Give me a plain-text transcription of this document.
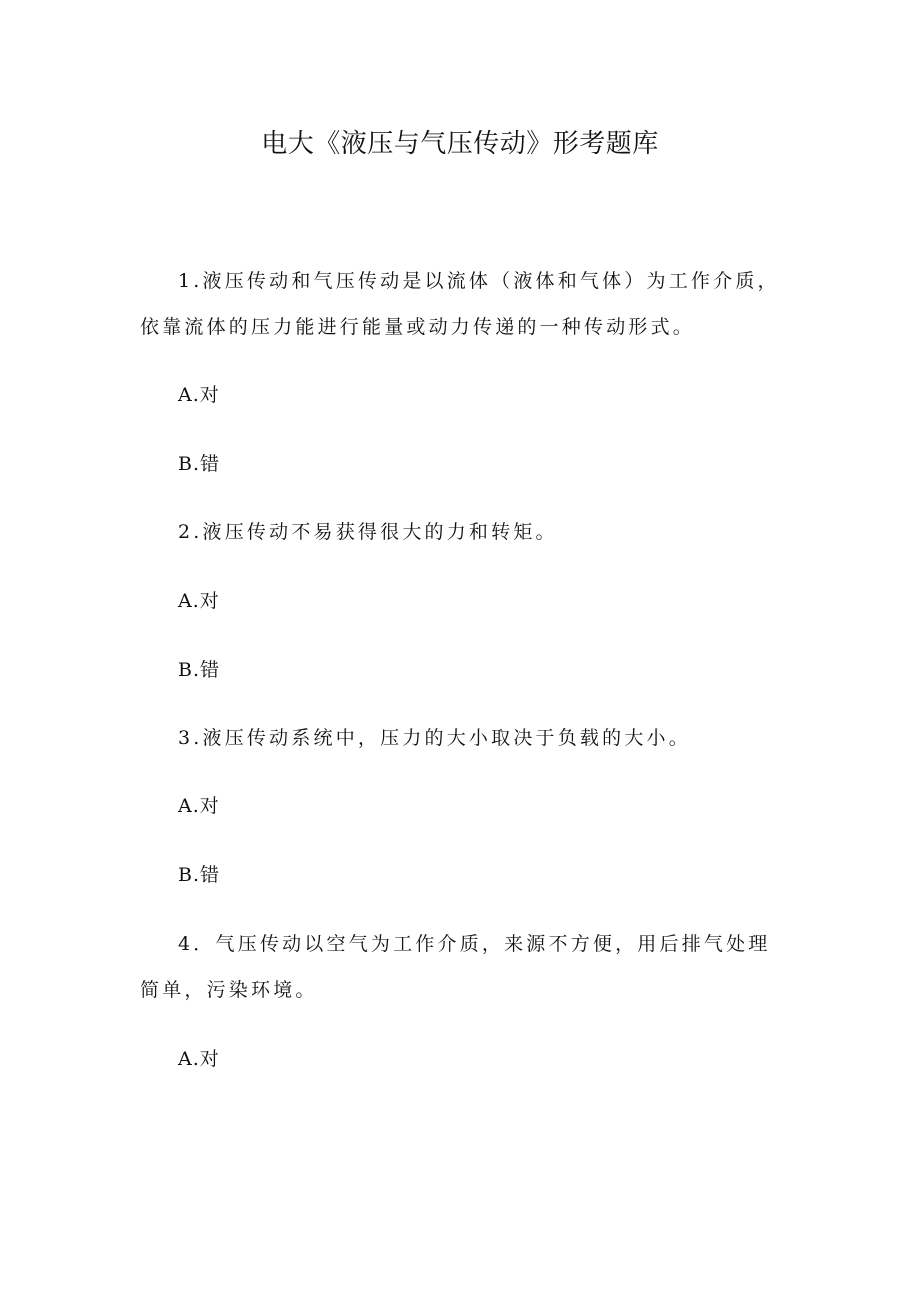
电大《液压与气压传动》形考题库

1.液压传动和气压传动是以流体（液体和气体）为工作介质，依靠流体的压力能进行能量或动力传递的一种传动形式。

A.对

B.错

2.液压传动不易获得很大的力和转矩。

A.对

B.错

3.液压传动系统中，压力的大小取决于负载的大小。

A.对

B.错

4．气压传动以空气为工作介质，来源不方便，用后排气处理简单，污染环境。

A.对
